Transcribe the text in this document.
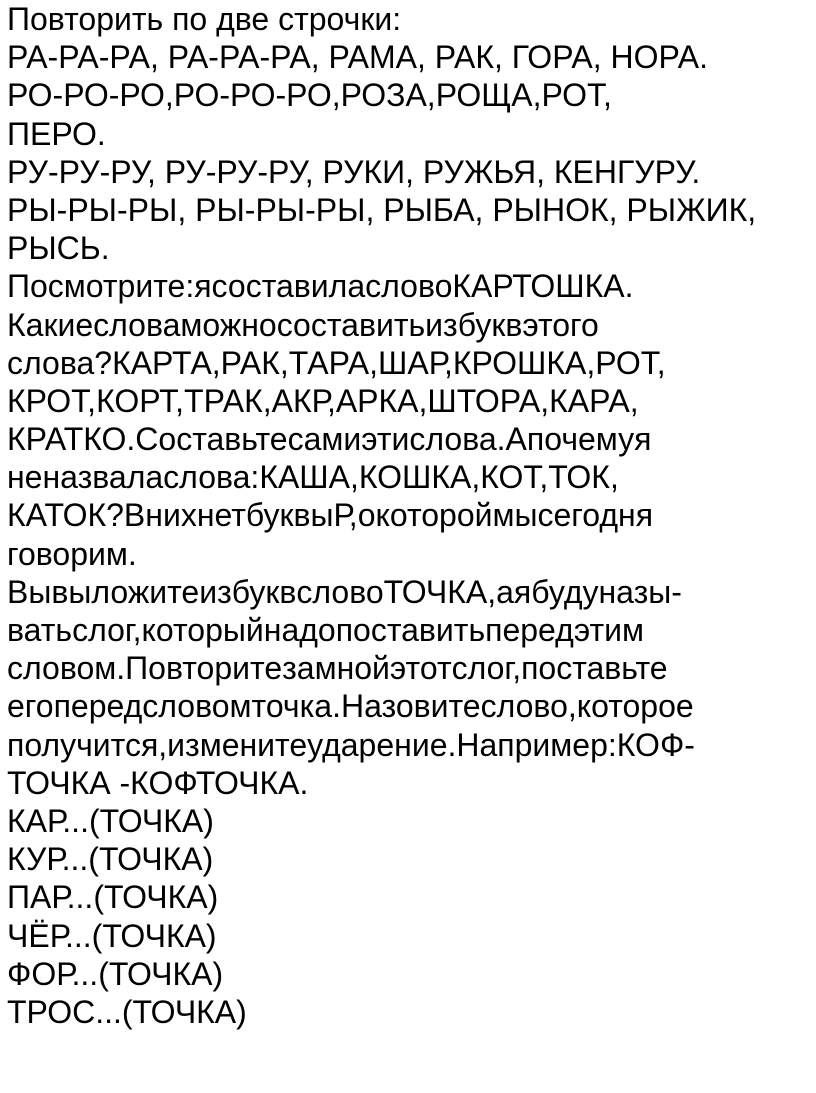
Повторить по две строчки:
РА-РА-РА, РА-РА-РА, РАМА, РАК, ГОРА, НОРА.
РО-РО-РО, РО-РО-РО, РОЗА, РОЩА, РОТ,
ПЕРО.
РУ-РУ-РУ, РУ-РУ-РУ, РУКИ, РУЖЬЯ, КЕНГУРУ.
РЫ-РЫ-РЫ, РЫ-РЫ-РЫ, РЫБА, РЫНОК, РЫЖИК,
РЫСЬ.
Посмотрите: я составила слово КАРТОШКА.
Какие слова можно составить из букв этого
слова? КАРТА, РАК, ТАРА, ШАР, КРОШКА, РОТ,
КРОТ, КОРТ, ТРАК, АКР, АРКА, ШТОРА, КАРА,
КРАТКО. Составьте сами эти слова. А почему я
не назвала слова: КАША, КОШКА, КОТ, ТОК,
КАТОК? В них нет буквы Р, о которой мы сегодня
говорим.
Вы выложите из букв слово ТОЧКА, а я буду назы-
вать слог, который надо поставить перед этим
словом. Повторите за мной этот слог, поставьте
его перед словом точка. Назовите слово, которое
получится, измените ударение. Например: КОФ-
ТОЧКА -КОФТОЧКА.
КАР...(ТОЧКА)
КУР...(ТОЧКА)
ПАР...(ТОЧКА)
ЧЁР...(ТОЧКА)
ФОР...(ТОЧКА)
ТРОС...(ТОЧКА)
